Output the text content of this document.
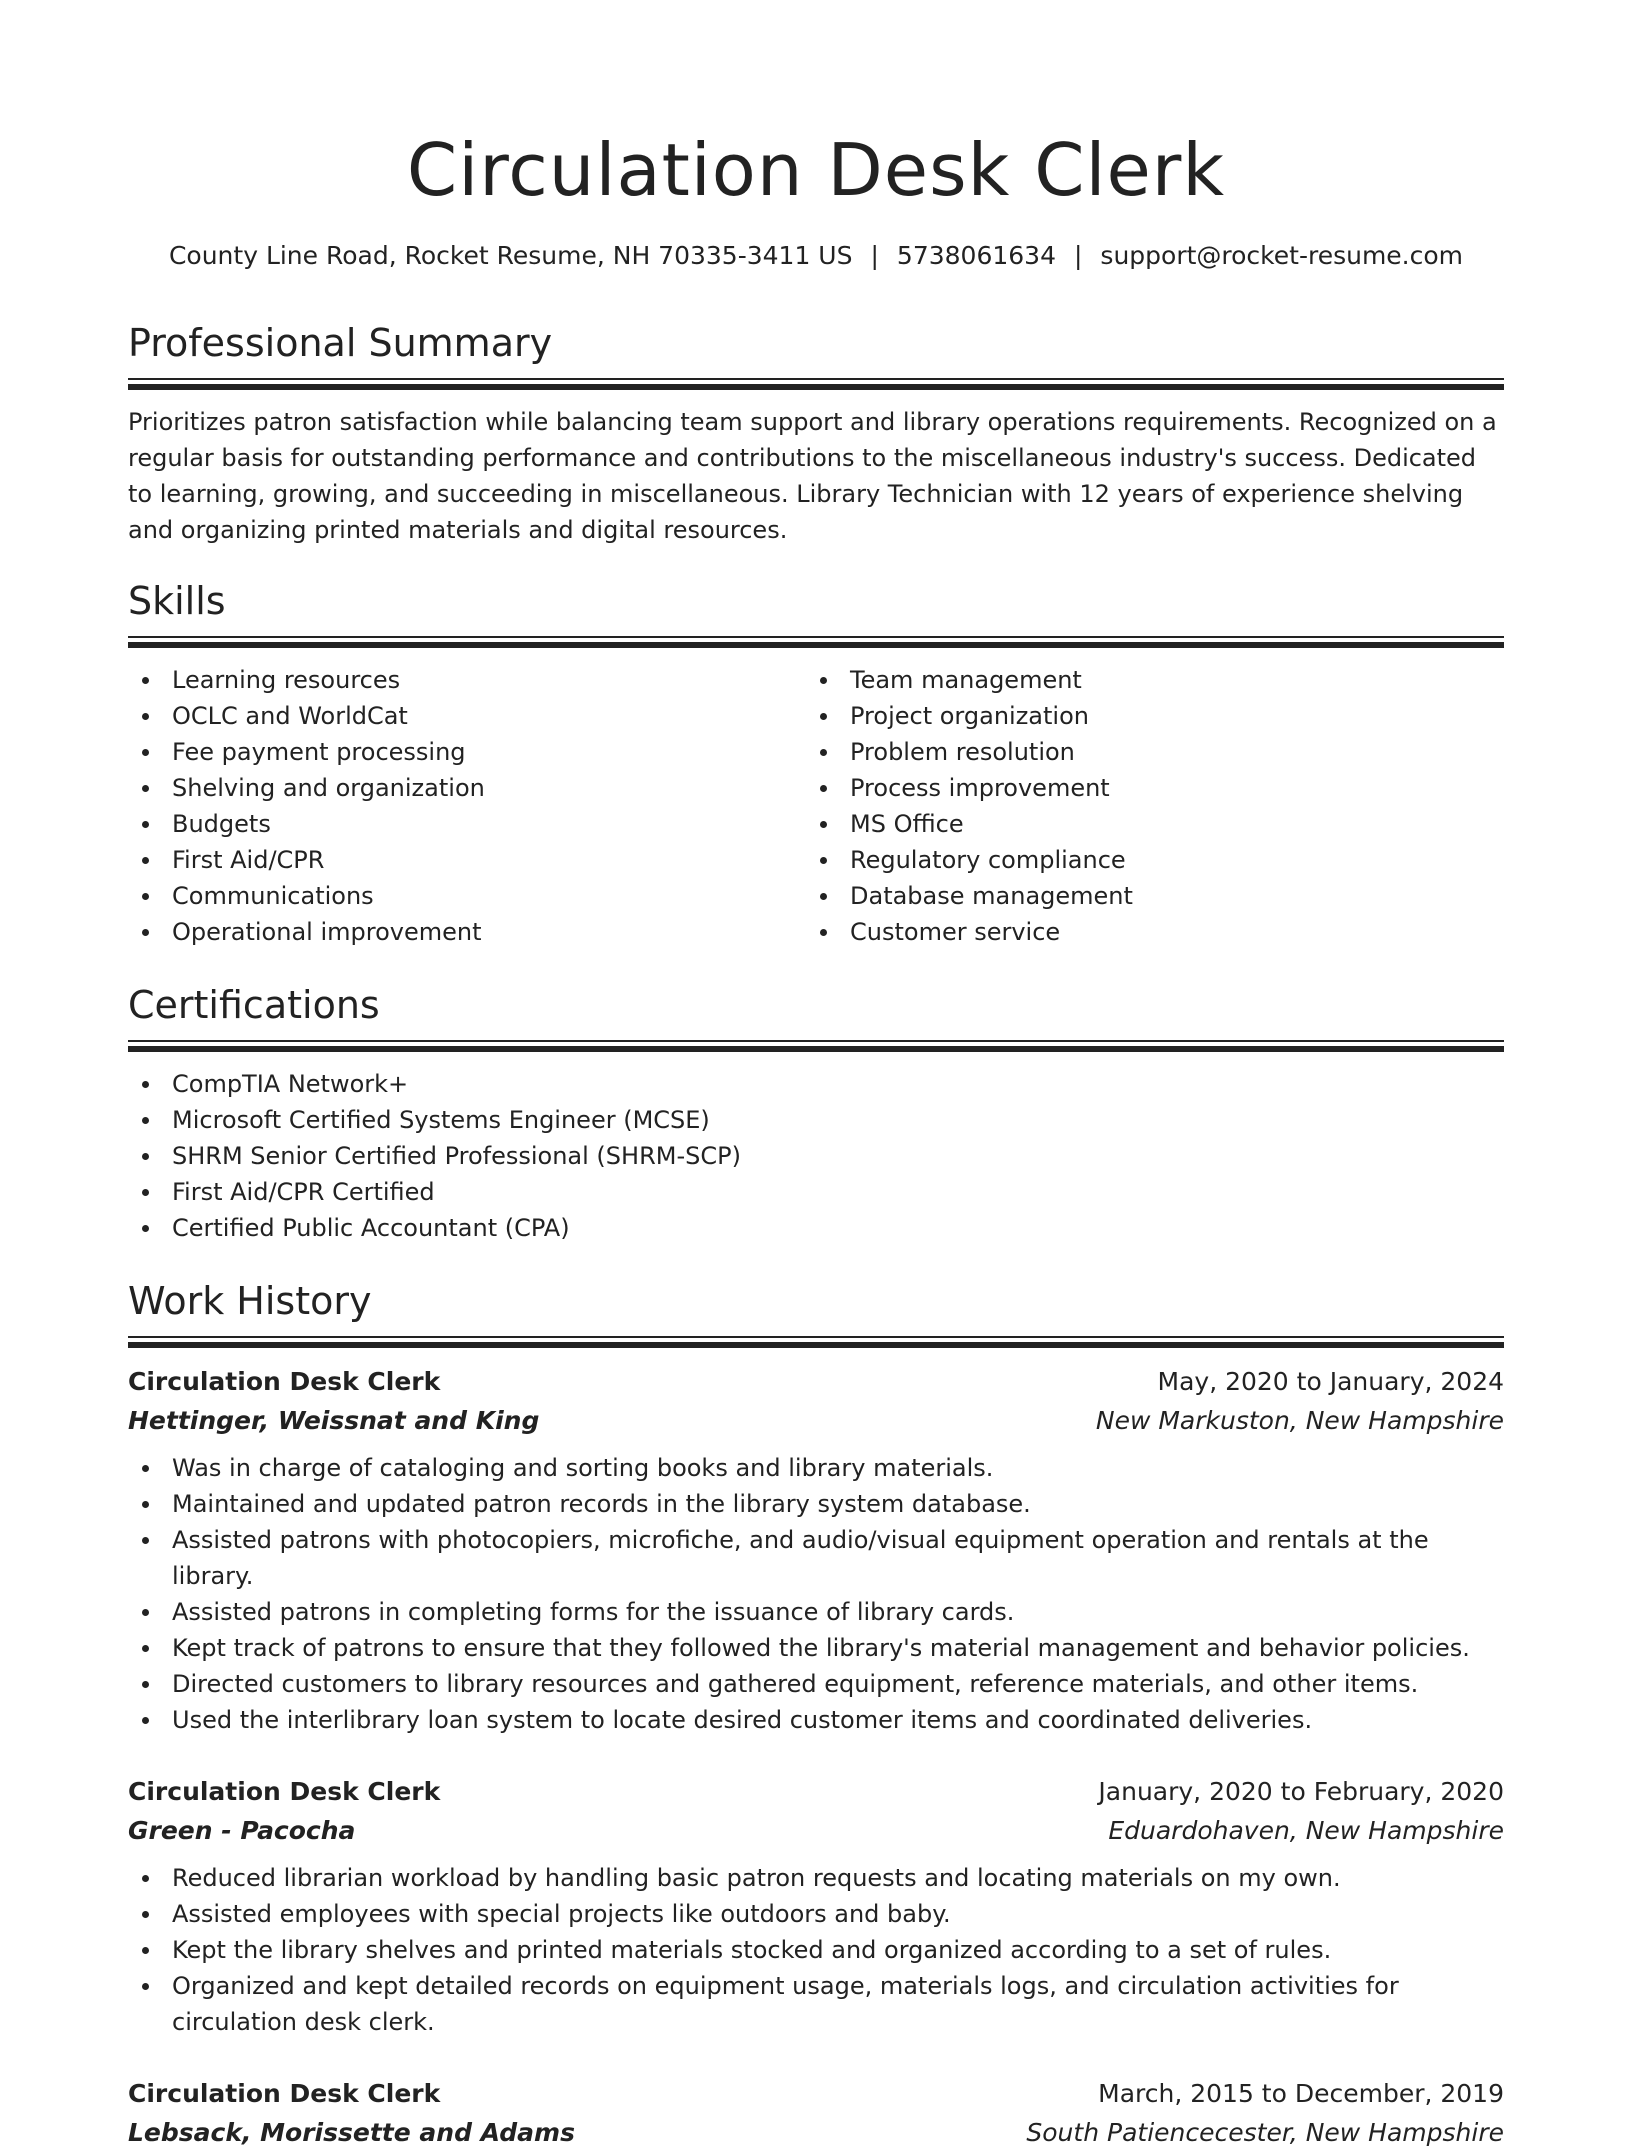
Circulation Desk Clerk
County Line Road, Rocket Resume, NH 70335-3411 US | 5738061634 | support@rocket-resume.com
Professional Summary
Prioritizes patron satisfaction while balancing team support and library operations requirements. Recognized on a regular basis for outstanding performance and contributions to the miscellaneous industry's success. Dedicated to learning, growing, and succeeding in miscellaneous. Library Technician with 12 years of experience shelving and organizing printed materials and digital resources.
Skills
Learning resources
OCLC and WorldCat
Fee payment processing
Shelving and organization
Budgets
First Aid/CPR
Communications
Operational improvement
Team management
Project organization
Problem resolution
Process improvement
MS Office
Regulatory compliance
Database management
Customer service
Certifications
CompTIA Network+
Microsoft Certified Systems Engineer (MCSE)
SHRM Senior Certified Professional (SHRM-SCP)
First Aid/CPR Certified
Certified Public Accountant (CPA)
Work History
Circulation Desk Clerk	May, 2020 to January, 2024
Hettinger, Weissnat and King	New Markuston, New Hampshire
Was in charge of cataloging and sorting books and library materials.
Maintained and updated patron records in the library system database.
Assisted patrons with photocopiers, microfiche, and audio/visual equipment operation and rentals at the library.
Assisted patrons in completing forms for the issuance of library cards.
Kept track of patrons to ensure that they followed the library's material management and behavior policies.
Directed customers to library resources and gathered equipment, reference materials, and other items.
Used the interlibrary loan system to locate desired customer items and coordinated deliveries.
Circulation Desk Clerk	January, 2020 to February, 2020
Green - Pacocha	Eduardohaven, New Hampshire
Reduced librarian workload by handling basic patron requests and locating materials on my own.
Assisted employees with special projects like outdoors and baby.
Kept the library shelves and printed materials stocked and organized according to a set of rules.
Organized and kept detailed records on equipment usage, materials logs, and circulation activities for circulation desk clerk.
Circulation Desk Clerk	March, 2015 to December, 2019
Lebsack, Morissette and Adams	South Patiencecester, New Hampshire
